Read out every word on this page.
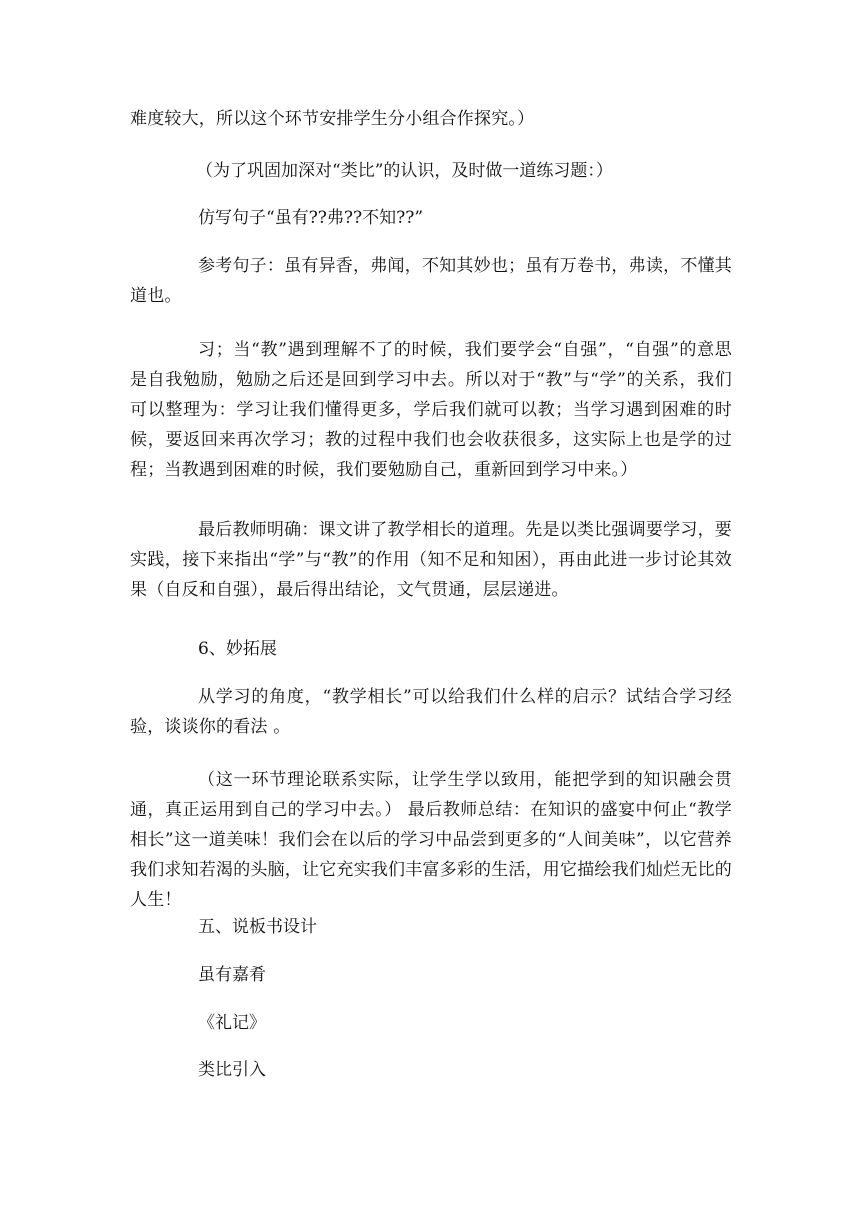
难度较大，所以这个环节安排学生分小组合作探究。）

（为了巩固加深对“类比”的认识，及时做一道练习题：）

仿写句子“虽有??弗??不知??”

参考句子：虽有异香，弗闻，不知其妙也；虽有万卷书，弗读，不懂其道也。

习；当“教”遇到理解不了的时候，我们要学会“自强”，“自强”的意思是自我勉励，勉励之后还是回到学习中去。所以对于“教”与“学”的关系，我们可以整理为：学习让我们懂得更多，学后我们就可以教；当学习遇到困难的时候，要返回来再次学习；教的过程中我们也会收获很多，这实际上也是学的过程；当教遇到困难的时候，我们要勉励自己，重新回到学习中来。）

最后教师明确：课文讲了教学相长的道理。先是以类比强调要学习，要实践，接下来指出“学”与“教”的作用（知不足和知困），再由此进一步讨论其效果（自反和自强），最后得出结论，文气贯通，层层递进。

6、妙拓展

从学习的角度，“教学相长”可以给我们什么样的启示？试结合学习经验，谈谈你的看法 。

（这一环节理论联系实际，让学生学以致用，能把学到的知识融会贯通，真正运用到自己的学习中去。） 最后教师总结：在知识的盛宴中何止“教学相长”这一道美味！我们会在以后的学习中品尝到更多的“人间美味”，以它营养我们求知若渴的头脑，让它充实我们丰富多彩的生活，用它描绘我们灿烂无比的人生！

五、说板书设计

虽有嘉肴

《礼记》

类比引入
